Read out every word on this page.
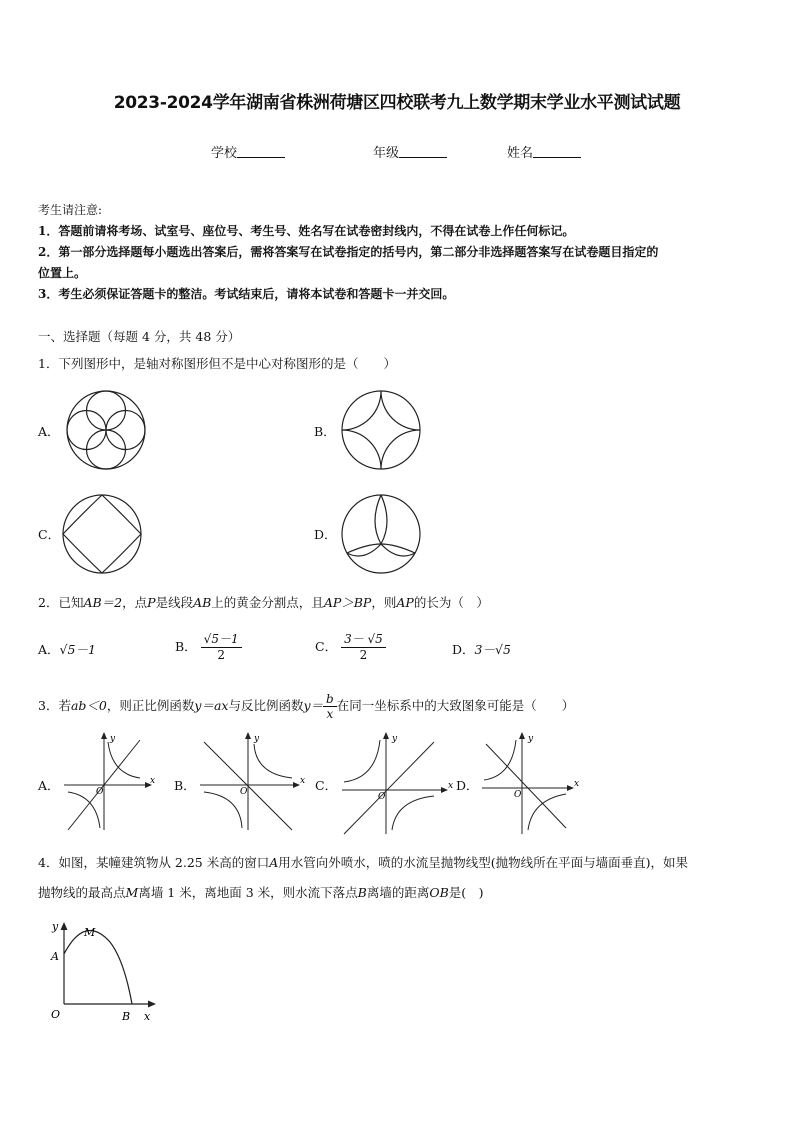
2023-2024学年湖南省株洲荷塘区四校联考九上数学期末学业水平测试试题
学校	年级	姓名
考生请注意:
1．答题前请将考场、试室号、座位号、考生号、姓名写在试卷密封线内，不得在试卷上作任何标记。
2．第一部分选择题每小题选出答案后，需将答案写在试卷指定的括号内，第二部分非选择题答案写在试卷题目指定的
位置上。
3．考生必须保证答题卡的整洁。考试结束后，请将本试卷和答题卡一并交回。
一、选择题（每题 4 分，共 48 分）
1．下列图形中，是轴对称图形但不是中心对称图形的是（　　）
A．	B．
C．	D．
2．已知AB＝2，点P是线段AB上的黄金分割点，且AP＞BP，则AP的长为（　）
A．√5－1	B． $\frac{√5-1}{2}$	C． $\frac{3- √5}{2}$	D．3－√5
3．若ab＜0，则正比例函数y＝ax与反比例函数$y= \frac{b}{x}$ 在同一坐标系中的大致图象可能是（　　）
A．	B．	C．	D．
y
x
O
y
x
O
y
x
O
y
x
O
4．如图，某幢建筑物从 2.25 米高的窗口A用水管向外喷水，喷的水流呈抛物线型(抛物线所在平面与墙面垂直)，如果
抛物线的最高点M离墙 1 米，离地面 3 米，则水流下落点B离墙的距离OB是(　)
y M
A
O	B x
